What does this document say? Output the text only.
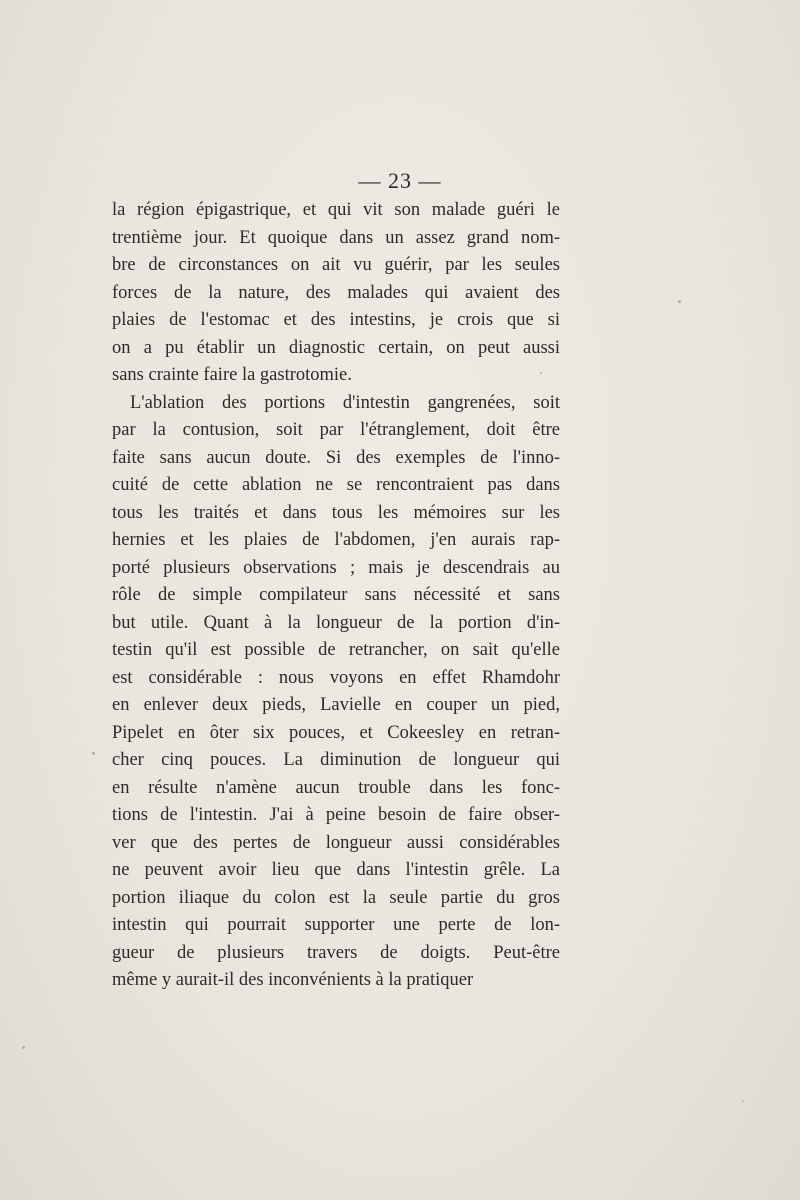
— 23 —
la région épigastrique, et qui vit son malade guéri le
trentième jour. Et quoique dans un assez grand nom-
bre de circonstances on ait vu guérir, par les seules
forces de la nature, des malades qui avaient des
plaies de l'estomac et des intestins, je crois que si
on a pu établir un diagnostic certain, on peut aussi
sans crainte faire la gastrotomie.
L'ablation des portions d'intestin gangrenées, soit
par la contusion, soit par l'étranglement, doit être
faite sans aucun doute. Si des exemples de l'inno-
cuité de cette ablation ne se rencontraient pas dans
tous les traités et dans tous les mémoires sur les
hernies et les plaies de l'abdomen, j'en aurais rap-
porté plusieurs observations ; mais je descendrais au
rôle de simple compilateur sans nécessité et sans
but utile. Quant à la longueur de la portion d'in-
testin qu'il est possible de retrancher, on sait qu'elle
est considérable : nous voyons en effet Rhamdohr
en enlever deux pieds, Lavielle en couper un pied,
Pipelet en ôter six pouces, et Cokeesley en retran-
cher cinq pouces. La diminution de longueur qui
en résulte n'amène aucun trouble dans les fonc-
tions de l'intestin. J'ai à peine besoin de faire obser-
ver que des pertes de longueur aussi considérables
ne peuvent avoir lieu que dans l'intestin grêle. La
portion iliaque du colon est la seule partie du gros
intestin qui pourrait supporter une perte de lon-
gueur de plusieurs travers de doigts. Peut-être
même y aurait-il des inconvénients à la pratiquer
